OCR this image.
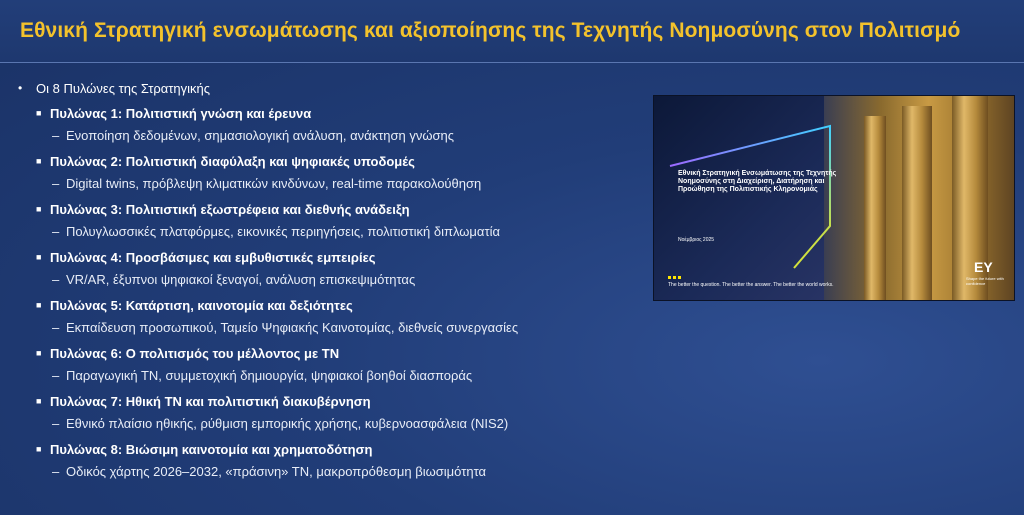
Εθνική Στρατηγική ενσωμάτωσης και αξιοποίησης της Τεχνητής Νοημοσύνης στον Πολιτισμό
•	Οι 8 Πυλώνες της Στρατηγικής
■ Πυλώνας 1: Πολιτιστική γνώση και έρευνα
– Ενοποίηση δεδομένων, σημασιολογική ανάλυση, ανάκτηση γνώσης
■ Πυλώνας 2: Πολιτιστική διαφύλαξη και ψηφιακές υποδομές
– Digital twins, πρόβλεψη κλιματικών κινδύνων, real-time παρακολούθηση
■ Πυλώνας 3: Πολιτιστική εξωστρέφεια και διεθνής ανάδειξη
– Πολυγλωσσικές πλατφόρμες, εικονικές περιηγήσεις, πολιτιστική διπλωματία
■ Πυλώνας 4: Προσβάσιμες και εμβυθιστικές εμπειρίες
– VR/AR, έξυπνοι ψηφιακοί ξεναγοί, ανάλυση επισκεψιμότητας
■ Πυλώνας 5: Κατάρτιση, καινοτομία και δεξιότητες
– Εκπαίδευση προσωπικού, Ταμείο Ψηφιακής Καινοτομίας, διεθνείς συνεργασίες
■ Πυλώνας 6: Ο πολιτισμός του μέλλοντος με ΤΝ
– Παραγωγική ΤΝ, συμμετοχική δημιουργία, ψηφιακοί βοηθοί διασποράς
■ Πυλώνας 7: Ηθική ΤΝ και πολιτιστική διακυβέρνηση
– Εθνικό πλαίσιο ηθικής, ρύθμιση εμπορικής χρήσης, κυβερνοασφάλεια (NIS2)
■ Πυλώνας 8: Βιώσιμη καινοτομία και χρηματοδότηση
– Οδικός χάρτης 2026–2032, «πράσινη» ΤΝ, μακροπρόθεσμη βιωσιμότητα
Εθνική Στρατηγική Ενσωμάτωσης της Τεχνητής Νοημοσύνης στη Διαχείριση, Διατήρηση και Προώθηση της Πολιτιστικής Κληρονομιάς
Νοέμβριος 2025
The better the question. The better the answer. The better the world works.
EY
Shape the future with confidence
